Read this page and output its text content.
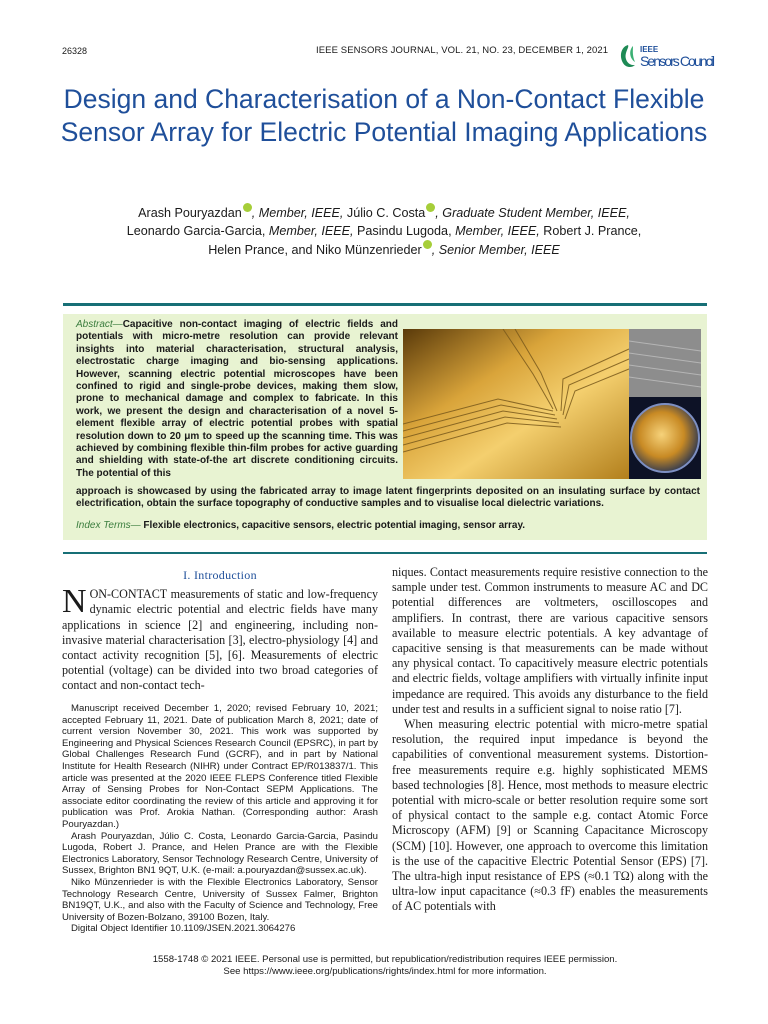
26328	IEEE SENSORS JOURNAL, VOL. 21, NO. 23, DECEMBER 1, 2021	IEEE
Sensors Council
Design and Characterisation of a Non-Contact Flexible Sensor Array for Electric Potential Imaging Applications
Arash Pouryazdan , Member, IEEE, Júlio C. Costa , Graduate Student Member, IEEE,
Leonardo Garcia-Garcia, Member, IEEE, Pasindu Lugoda, Member, IEEE, Robert J. Prance,
Helen Prance, and Niko Münzenrieder , Senior Member, IEEE
Abstract—Capacitive non-contact imaging of electric fields and potentials with micro-metre resolution can provide relevant insights into material characterisation, structural analysis, electrostatic charge imaging and bio-sensing applications. However, scanning electric potential microscopes have been confined to rigid and single-probe devices, making them slow, prone to mechanical damage and complex to fabricate. In this work, we present the design and characterisation of a novel 5-element flexible array of electric potential probes with spatial resolution down to 20 μm to speed up the scanning time. This was achieved by combining flexible thin-film probes for active guarding and shielding with state-of-the art discrete conditioning circuits. The potential of this
approach is showcased by using the fabricated array to image latent fingerprints deposited on an insulating surface by contact electrification, obtain the surface topography of conductive samples and to visualise local dielectric variations.
Index Terms— Flexible electronics, capacitive sensors, electric potential imaging, sensor array.
I. Introduction
N ON-CONTACT measurements of static and low-frequency dynamic electric potential and electric fields have many applications in science [2] and engineering, including non-invasive material characterisation [3], electro-physiology [4] and contact activity recognition [5], [6]. Measurements of electric potential (voltage) can be divided into two broad categories of contact and non-contact tech-

Manuscript received December 1, 2020; revised February 10, 2021; accepted February 11, 2021. Date of publication March 8, 2021; date of current version November 30, 2021. This work was supported by Engineering and Physical Sciences Research Council (EPSRC), in part by Global Challenges Research Fund (GCRF), and in part by National Institute for Health Research (NIHR) under Contract EP/R013837/1. This article was presented at the 2020 IEEE FLEPS Conference titled Flexible Array of Sensing Probes for Non-Contact SEPM Applications. The associate editor coordinating the review of this article and approving it for publication was Prof. Arokia Nathan. (Corresponding author: Arash Pouryazdan.)

Arash Pouryazdan, Júlio C. Costa, Leonardo Garcia-Garcia, Pasindu Lugoda, Robert J. Prance, and Helen Prance are with the Flexible Electronics Laboratory, Sensor Technology Research Centre, University of Sussex, Brighton BN1 9QT, U.K. (e-mail: a.pouryazdan@sussex.ac.uk).

Niko Münzenrieder is with the Flexible Electronics Laboratory, Sensor Technology Research Centre, University of Sussex Falmer, Brighton BN19QT, U.K., and also with the Faculty of Science and Technology, Free University of Bozen-Bolzano, 39100 Bozen, Italy.

Digital Object Identifier 10.1109/JSEN.2021.3064276

niques. Contact measurements require resistive connection to the sample under test. Common instruments to measure AC and DC potential differences are voltmeters, oscilloscopes and amplifiers. In contrast, there are various capacitive sensors available to measure electric potentials. A key advantage of capacitive sensing is that measurements can be made without any physical contact. To capacitively measure electric potentials and electric fields, voltage amplifiers with virtually infinite input impedance are required. This avoids any disturbance to the field under test and results in a sufficient signal to noise ratio [7].
When measuring electric potential with micro-metre spatial resolution, the required input impedance is beyond the capabilities of conventional measurement systems. Distortion-free measurements require e.g. highly sophisticated MEMS based technologies [8]. Hence, most methods to measure electric potential with micro-scale or better resolution require some sort of physical contact to the sample e.g. contact Atomic Force Microscopy (AFM) [9] or Scanning Capacitance Microscopy (SCM) [10]. However, one approach to overcome this limitation is the use of the capacitive Electric Potential Sensor (EPS) [7]. The ultra-high input resistance of EPS (≈0.1 TΩ) along with the ultra-low input capacitance (≈0.3 fF) enables the measurements of AC potentials with
1558-1748 © 2021 IEEE. Personal use is permitted, but republication/redistribution requires IEEE permission.
See https://www.ieee.org/publications/rights/index.html for more information.
